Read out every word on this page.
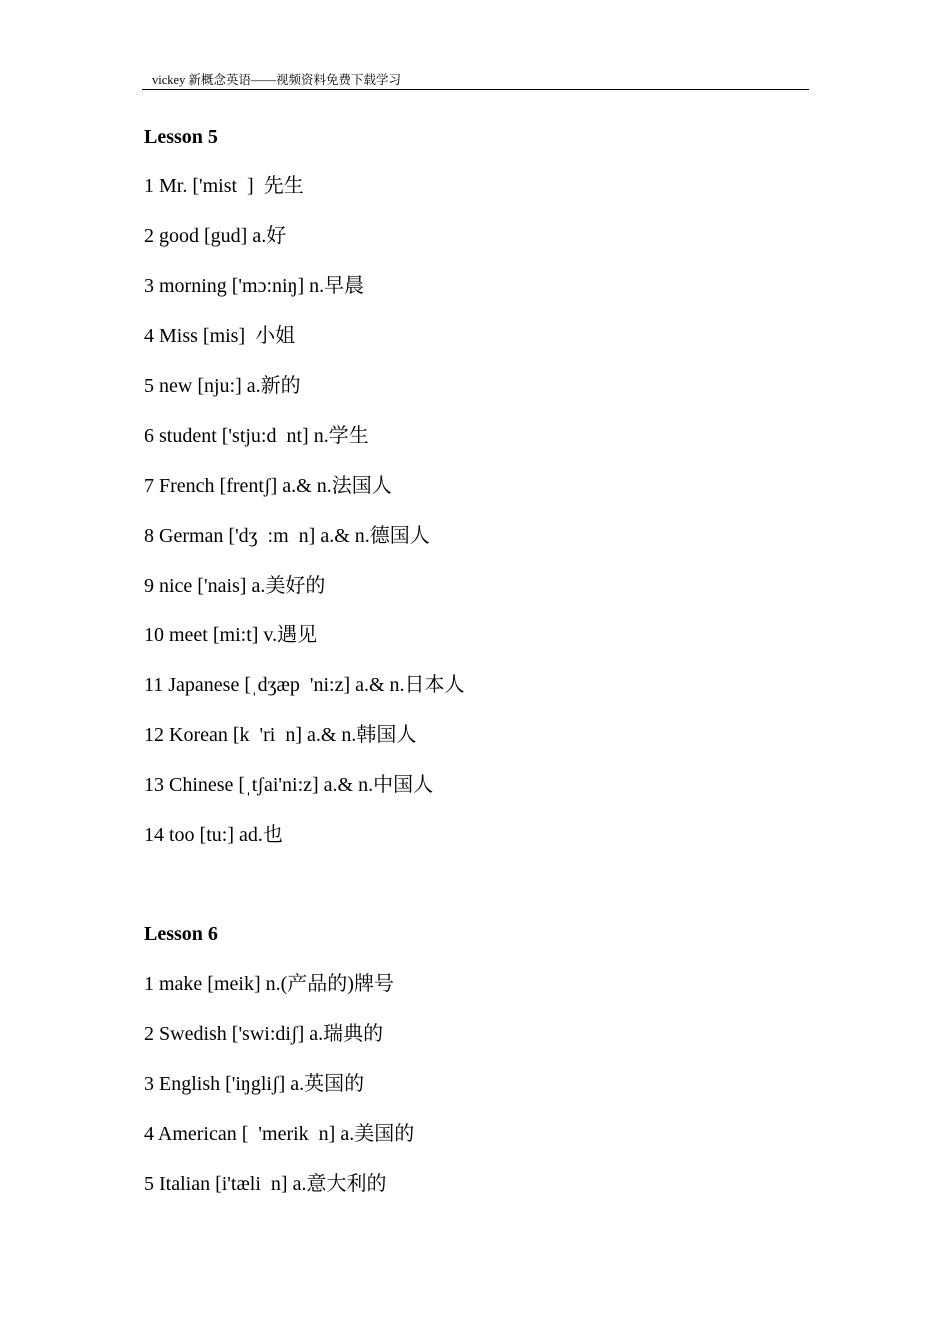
vickey 新概念英语——视频资料免费下载学习
Lesson 5
1 Mr. ['mist  ]  先生
2 good [gud] a.好
3 morning ['mɔ:niŋ] n.早晨
4 Miss [mis]  小姐
5 new [nju:] a.新的
6 student ['stju:d  nt] n.学生
7 French [frentʃ] a.& n.法国人
8 German ['dʒ  :m  n] a.& n.德国人
9 nice ['nais] a.美好的
10 meet [mi:t] v.遇见
11 Japanese [ˌdʒæp  'ni:z] a.& n.日本人
12 Korean [k  'ri  n] a.& n.韩国人
13 Chinese [ˌtʃai'ni:z] a.& n.中国人
14 too [tu:] ad.也
Lesson 6
1 make [meik] n.(产品的)牌号
2 Swedish ['swi:diʃ] a.瑞典的
3 English ['iŋgliʃ] a.英国的
4 American [  'merik  n] a.美国的
5 Italian [i'tæli  n] a.意大利的
